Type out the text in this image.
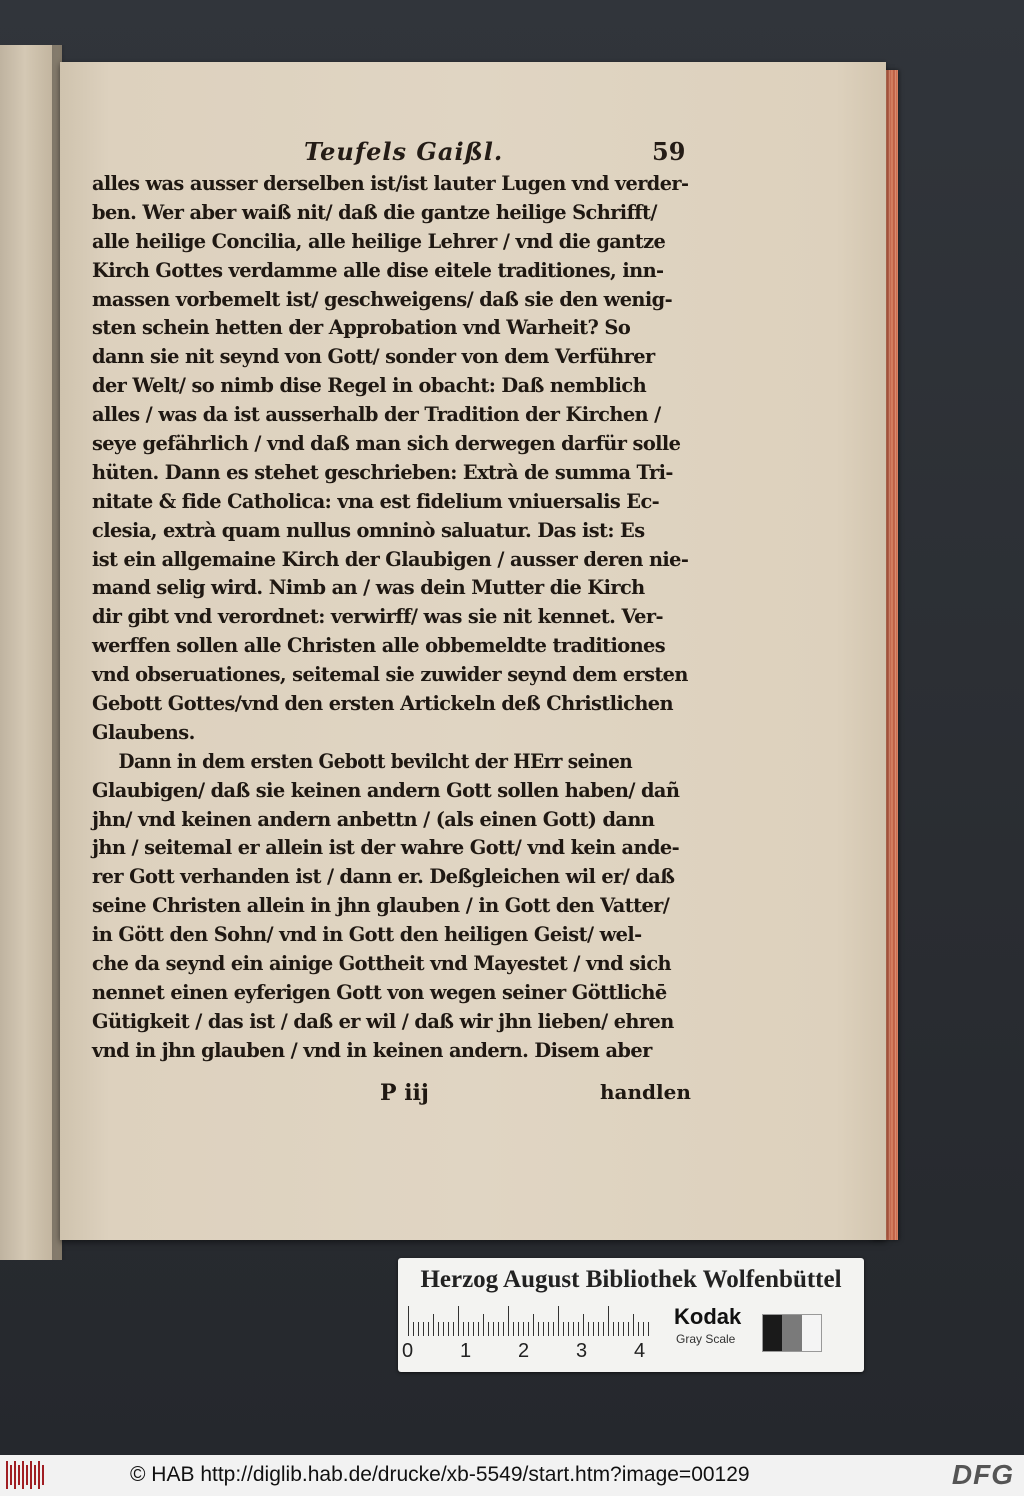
Teufels Gaißl.	59
alles was ausser derselben ist/ist lauter Lugen vnd verder-
ben. Wer aber waiß nit/ daß die gantze heilige Schrifft/
alle heilige Concilia, alle heilige Lehrer / vnd die gantze
Kirch Gottes verdamme alle dise eitele traditiones, inn-
massen vorbemelt ist/ geschweigens/ daß sie den wenig-
sten schein hetten der Approbation vnd Warheit? So
dann sie nit seynd von Gott/ sonder von dem Verführer
der Welt/ so nimb dise Regel in obacht: Daß nemblich
alles / was da ist ausserhalb der Tradition der Kirchen /
seye gefährlich / vnd daß man sich derwegen darfür solle
hüten. Dann es stehet geschrieben: Extrà de summa Tri-
nitate & fide Catholica: vna est fidelium vniuersalis Ec-
clesia, extrà quam nullus omninò saluatur. Das ist: Es
ist ein allgemaine Kirch der Glaubigen / ausser deren nie-
mand selig wird. Nimb an / was dein Mutter die Kirch
dir gibt vnd verordnet: verwirff/ was sie nit kennet. Ver-
werffen sollen alle Christen alle obbemeldte traditiones
vnd obseruationes, seitemal sie zuwider seynd dem ersten
Gebott Gottes/vnd den ersten Artickeln deß Christlichen
Glaubens.
Dann in dem ersten Gebott bevilcht der HErr seinen
Glaubigen/ daß sie keinen andern Gott sollen haben/ dañ
jhn/ vnd keinen andern anbettn / (als einen Gott) dann
jhn / seitemal er allein ist der wahre Gott/ vnd kein ande-
rer Gott verhanden ist / dann er. Deßgleichen wil er/ daß
seine Christen allein in jhn glauben / in Gott den Vatter/
in Gött den Sohn/ vnd in Gott den heiligen Geist/ wel-
che da seynd ein ainige Gottheit vnd Mayestet / vnd sich
nennet einen eyferigen Gott von wegen seiner Göttlichē
Gütigkeit / das ist / daß er wil / daß wir jhn lieben/ ehren
vnd in jhn glauben / vnd in keinen andern. Disem aber
P iij	handlen
Herzog August Bibliothek Wolfenbüttel
0 1 2 3 4
Kodak
Gray Scale
© HAB http://diglib.hab.de/drucke/xb-5549/start.htm?image=00129	DFG
